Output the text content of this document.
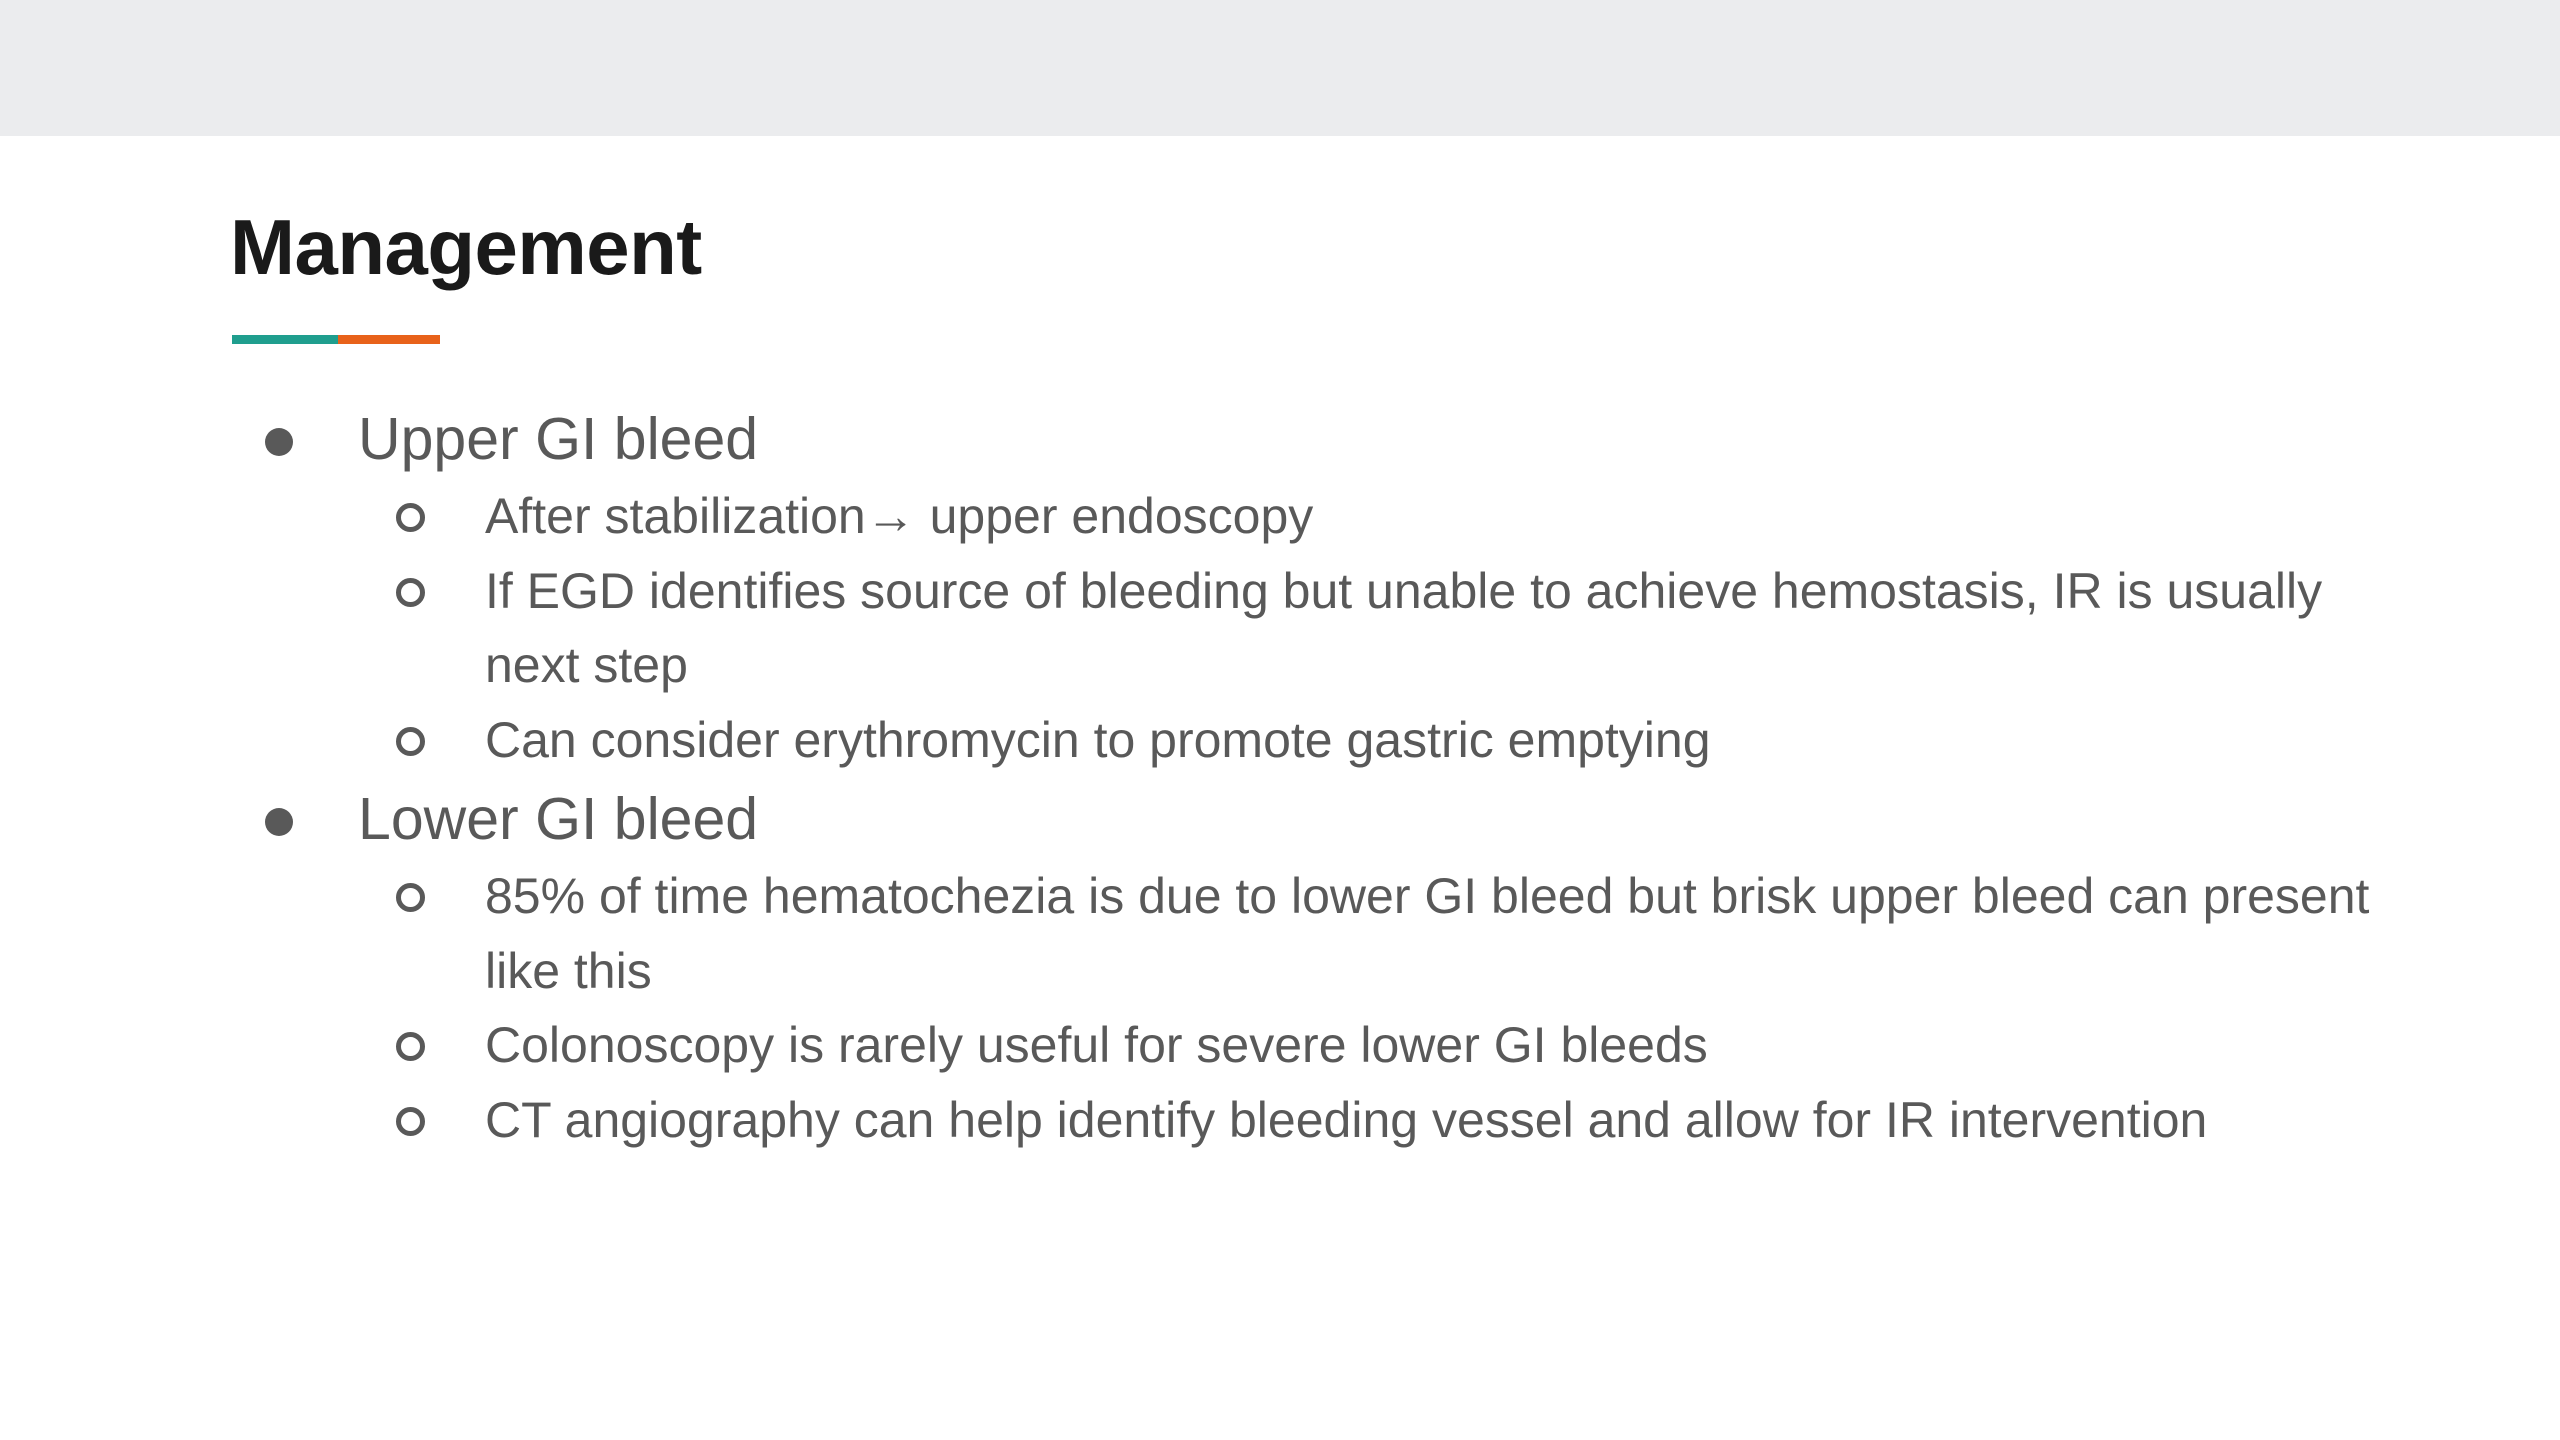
Management
Upper GI bleed
After stabilization→ upper endoscopy
If EGD identifies source of bleeding but unable to achieve hemostasis, IR is usually next step
Can consider erythromycin to promote gastric emptying
Lower GI bleed
85% of time hematochezia is due to lower GI bleed but brisk upper bleed can present like this
Colonoscopy is rarely useful for severe lower GI bleeds
CT angiography can help identify bleeding vessel and allow for IR intervention
